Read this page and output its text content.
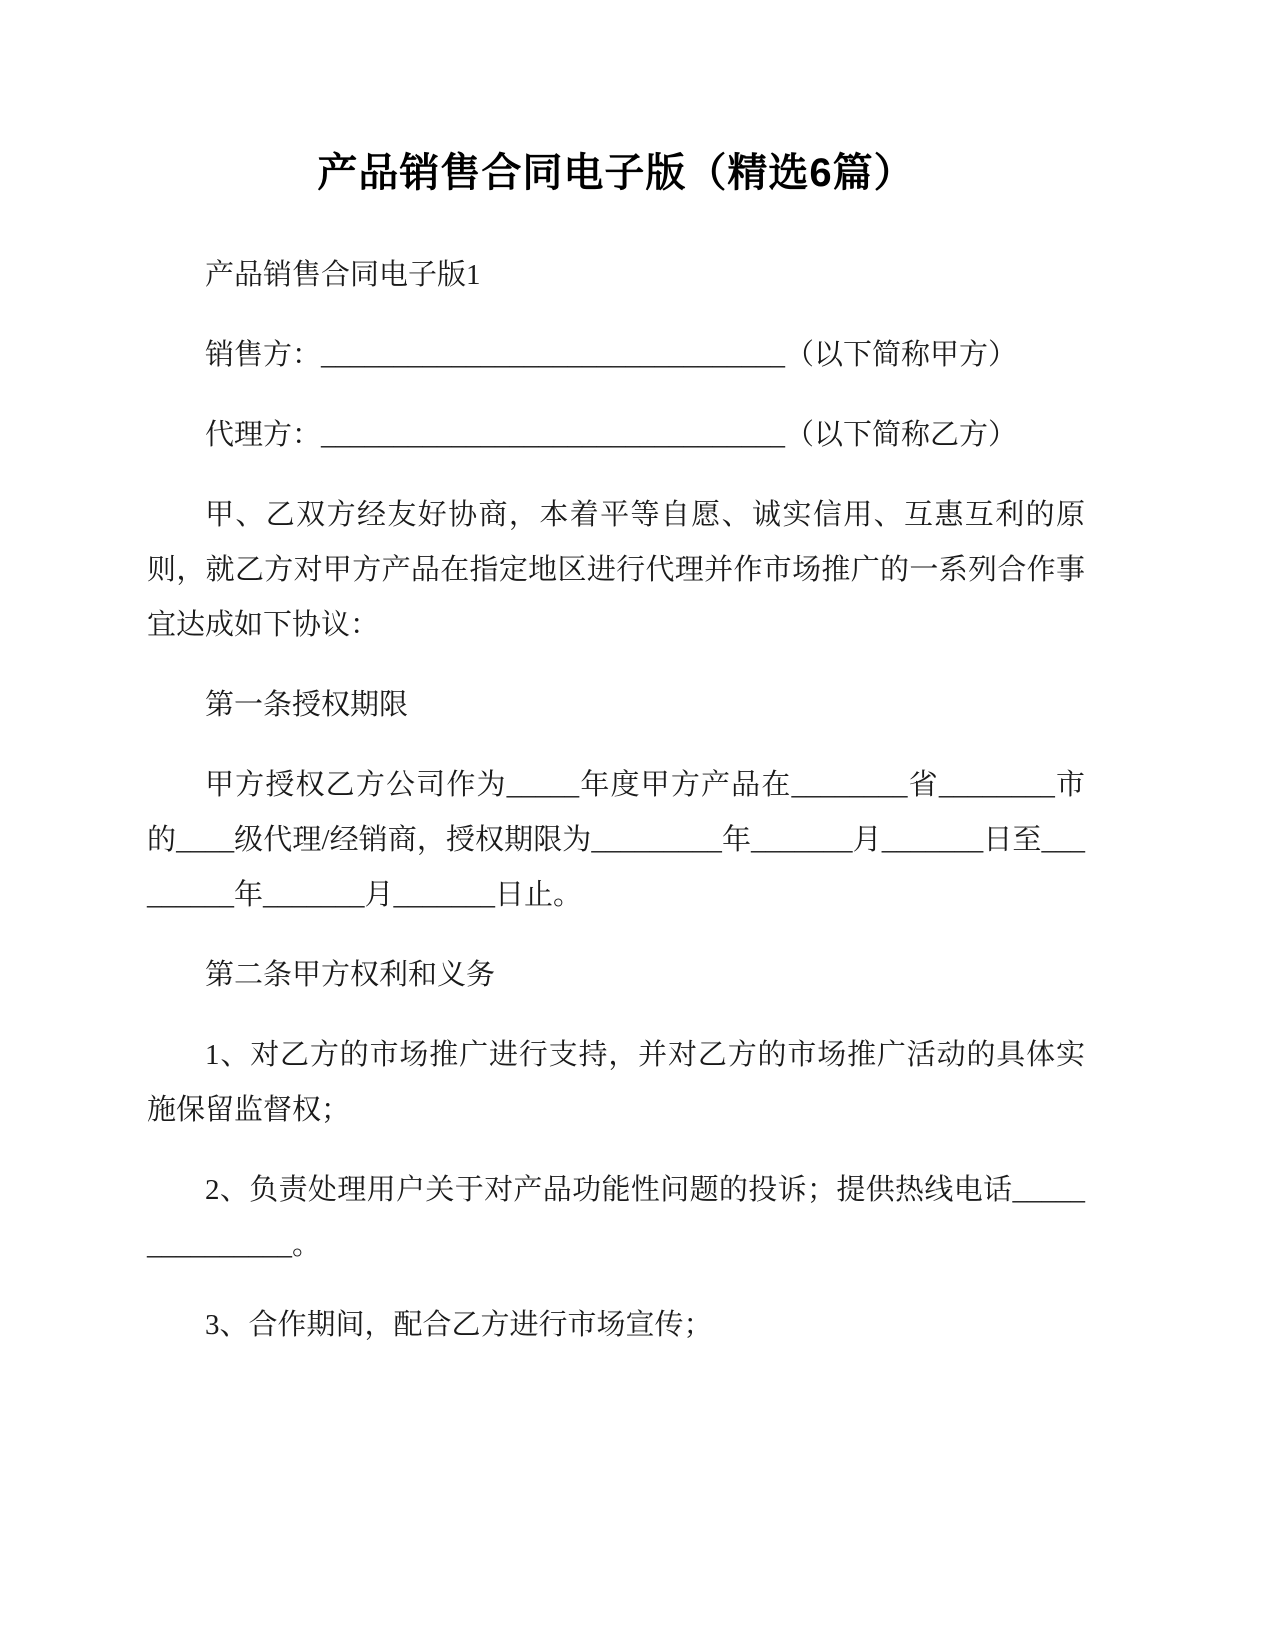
产品销售合同电子版（精选6篇）

产品销售合同电子版1

销售方：________________________________（以下简称甲方）

代理方：________________________________（以下简称乙方）

甲、乙双方经友好协商，本着平等自愿、诚实信用、互惠互利的原则，就乙方对甲方产品在指定地区进行代理并作市场推广的一系列合作事宜达成如下协议：

第一条授权期限

甲方授权乙方公司作为_____年度甲方产品在________省________市的____级代理/经销商，授权期限为_________年_______月_______日至_________年_______月_______日止。

第二条甲方权利和义务

1、对乙方的市场推广进行支持，并对乙方的市场推广活动的具体实施保留监督权；

2、负责处理用户关于对产品功能性问题的投诉；提供热线电话_______________。

3、合作期间，配合乙方进行市场宣传；
